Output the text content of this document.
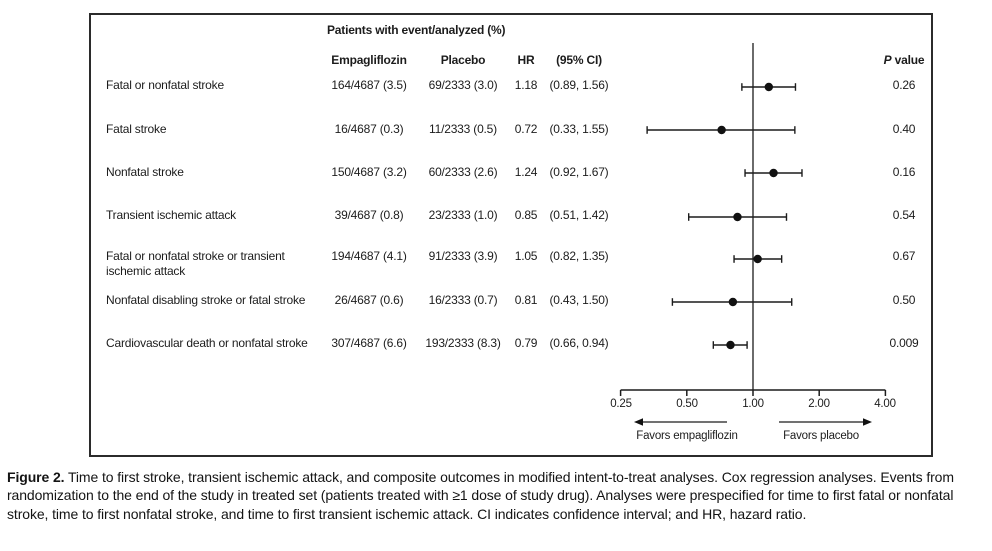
Patients with event/analyzed (%)
Empagliflozin	Placebo	HR (95% CI)	P value
Fatal or nonfatal stroke	164/4687 (3.5) 69/2333 (3.0) 1.18 (0.89, 1.56)	0.26
Fatal stroke	16/4687 (0.3) 11/2333 (0.5) 0.72 (0.33, 1.55)	0.40
Nonfatal stroke	150/4687 (3.2) 60/2333 (2.6) 1.24 (0.92, 1.67)	0.16
Transient ischemic attack	39/4687 (0.8) 23/2333 (1.0) 0.85 (0.51, 1.42)	0.54
Fatal or nonfatal stroke or transient ischemic attack
194/4687 (4.1) 91/2333 (3.9) 1.05 (0.82, 1.35)	0.67
Nonfatal disabling stroke or fatal stroke	26/4687 (0.6) 16/2333 (0.7) 0.81 (0.43, 1.50)	0.50
Cardiovascular death or nonfatal stroke	307/4687 (6.6) 193/2333 (8.3) 0.79 (0.66, 0.94)	0.009
0.25	0.50	1.00	2.00	4.00
Favors empagliflozin	Favors placebo
Figure 2. Time to first stroke, transient ischemic attack, and composite outcomes in modified intent-to-treat analyses. Cox regression analyses. Events from randomization to the end of the study in treated set (patients treated with ≥1 dose of study drug). Analyses were prespecified for time to first fatal or nonfatal stroke, time to first nonfatal stroke, and time to first transient ischemic attack. CI indicates confidence interval; and HR, hazard ratio.
